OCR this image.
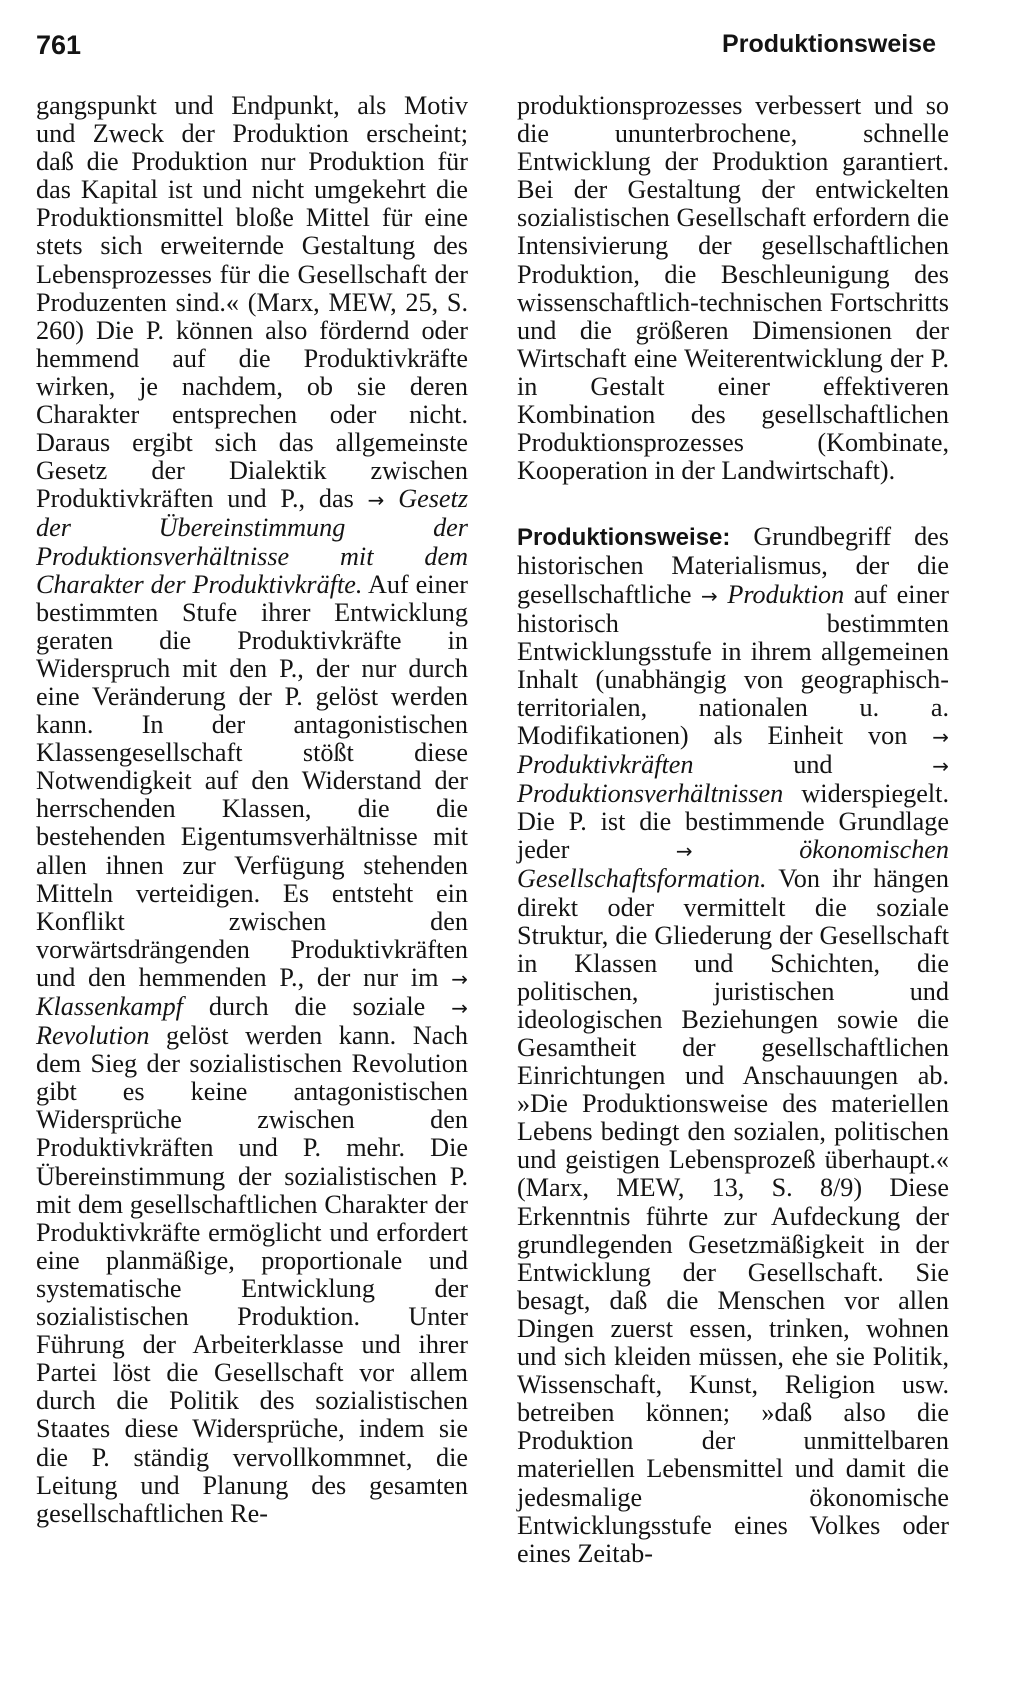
761	Produktionsweise

gangspunkt und Endpunkt, als Motiv und Zweck der Produktion erscheint; daß die Produktion nur Produktion für das Kapital ist und nicht umgekehrt die Produktionsmittel bloße Mittel für eine stets sich erweiternde Gestaltung des Lebensprozesses für die Gesellschaft der Produzenten sind.« (Marx, MEW, 25, S. 260) Die P. können also fördernd oder hemmend auf die Produktivkräfte wirken, je nachdem, ob sie deren Charakter entsprechen oder nicht. Daraus ergibt sich das allgemeinste Gesetz der Dialektik zwischen Produktivkräften und P., das → Gesetz der Übereinstimmung der Produktionsverhältnisse mit dem Charakter der Produktivkräfte. Auf einer bestimmten Stufe ihrer Entwicklung geraten die Produktivkräfte in Widerspruch mit den P., der nur durch eine Veränderung der P. gelöst werden kann. In der antagonistischen Klassengesellschaft stößt diese Notwendigkeit auf den Widerstand der herrschenden Klassen, die die bestehenden Eigentumsverhältnisse mit allen ihnen zur Verfügung stehenden Mitteln verteidigen. Es entsteht ein Konflikt zwischen den vorwärtsdrängenden Produktivkräften und den hemmenden P., der nur im → Klassenkampf durch die soziale → Revolution gelöst werden kann. Nach dem Sieg der sozialistischen Revolution gibt es keine antagonistischen Widersprüche zwischen den Produktivkräften und P. mehr. Die Übereinstimmung der sozialistischen P. mit dem gesellschaftlichen Charakter der Produktivkräfte ermöglicht und erfordert eine planmäßige, proportionale und systematische Entwicklung der sozialistischen Produktion. Unter Führung der Arbeiterklasse und ihrer Partei löst die Gesellschaft vor allem durch die Politik des sozialistischen Staates diese Widersprüche, indem sie die P. ständig vervollkommnet, die Leitung und Planung des gesamten gesellschaftlichen Re-

produktionsprozesses verbessert und so die ununterbrochene, schnelle Entwicklung der Produktion garantiert. Bei der Gestaltung der entwickelten sozialistischen Gesellschaft erfordern die Intensivierung der gesellschaftlichen Produktion, die Beschleunigung des wissenschaftlich-technischen Fortschritts und die größeren Dimensionen der Wirtschaft eine Weiterentwicklung der P. in Gestalt einer effektiveren Kombination des gesellschaftlichen Produktionsprozesses (Kombinate, Kooperation in der Landwirtschaft).

Produktionsweise: Grundbegriff des historischen Materialismus, der die gesellschaftliche → Produktion auf einer historisch bestimmten Entwicklungsstufe in ihrem allgemeinen Inhalt (unabhängig von geographisch-territorialen, nationalen u. a. Modifikationen) als Einheit von → Produktivkräften und → Produktionsverhältnissen widerspiegelt. Die P. ist die bestimmende Grundlage jeder →	ökonomischen Gesellschaftsformation. Von ihr hängen direkt oder vermittelt die soziale Struktur, die Gliederung der Gesellschaft in Klassen und Schichten, die politischen, juristischen und ideologischen Beziehungen sowie die Gesamtheit der gesellschaftlichen Einrichtungen und Anschauungen ab. »Die Produktionsweise des materiellen Lebens bedingt den sozialen, politischen und geistigen Lebensprozeß überhaupt.« (Marx, MEW, 13, S. 8/9) Diese Erkenntnis führte zur Aufdeckung der grundlegenden Gesetzmäßigkeit in der Entwicklung der Gesellschaft. Sie besagt, daß die Menschen vor allen Dingen zuerst essen, trinken, wohnen und sich kleiden müssen, ehe sie Politik, Wissenschaft, Kunst, Religion usw. betreiben können; »daß also die Produktion der unmittelbaren materiellen Lebensmittel und damit die jedesmalige ökonomische Entwicklungsstufe eines Volkes oder eines Zeitab-
